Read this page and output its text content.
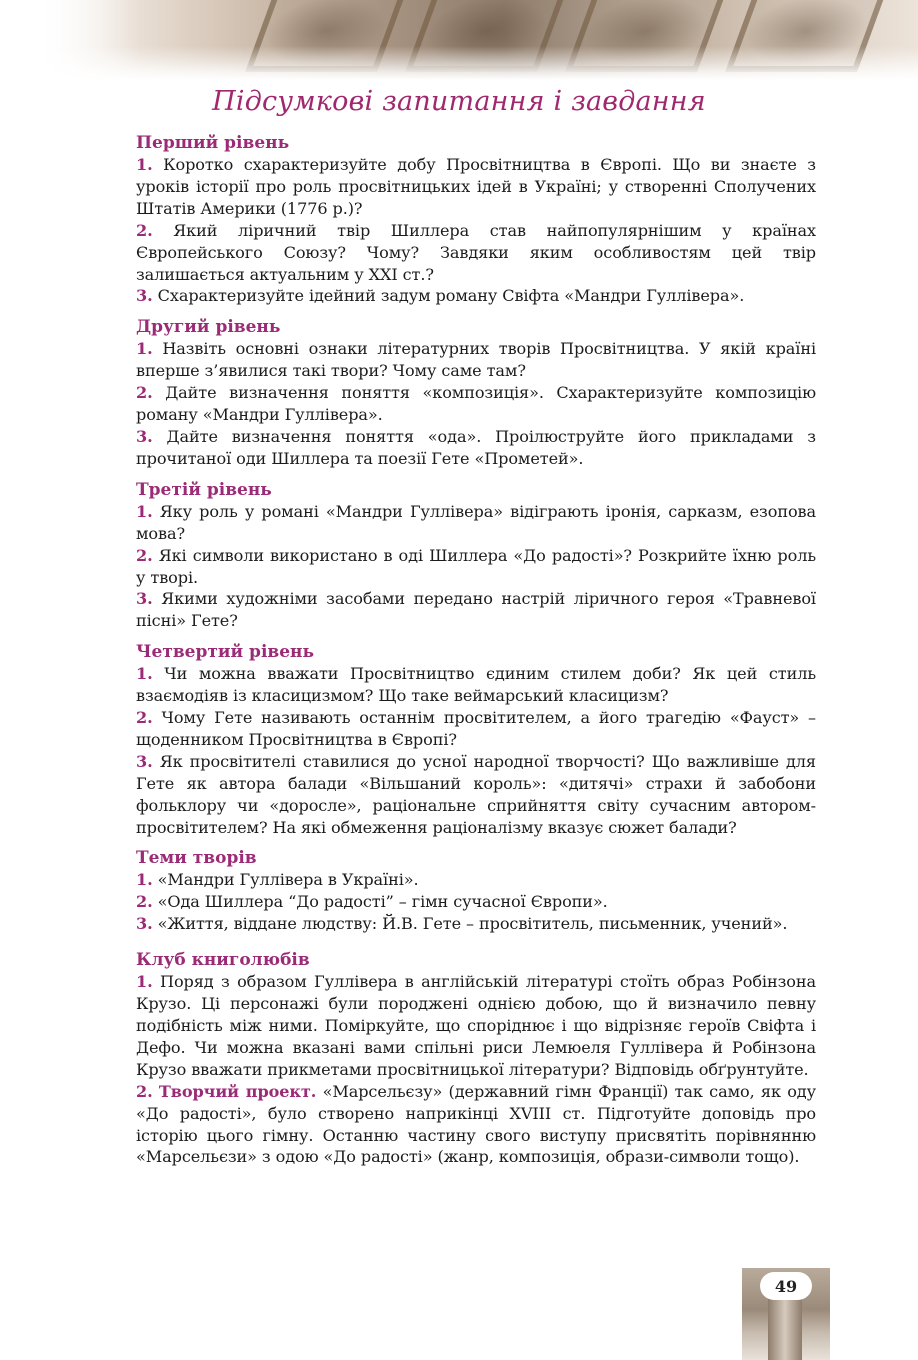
Підсумкові запитання і завдання

Перший рівень

1. Коротко схарактеризуйте добу Просвітництва в Європі. Що ви знаєте з уроків історії про роль просвітницьких ідей в Україні; у створенні Сполучених Штатів Америки (1776 р.)?

2. Який ліричний твір Шиллера став найпопулярнішим у країнах Європейського Союзу? Чому? Завдяки яким особливостям цей твір залишається актуальним у XXI ст.?

3. Схарактеризуйте ідейний задум роману Свіфта «Мандри Гуллівера».

Другий рівень

1. Назвіть основні ознаки літературних творів Просвітництва. У якій країні вперше з’явилися такі твори? Чому саме там?

2. Дайте визначення поняття «композиція». Схарактеризуйте композицію роману «Мандри Гуллівера».

3. Дайте визначення поняття «ода». Проілюструйте його прикладами з прочитаної оди Шиллера та поезії Гете «Прометей».

Третій рівень

1. Яку роль у романі «Мандри Гуллівера» відіграють іронія, сарказм, езопова мова?

2. Які символи використано в оді Шиллера «До радості»? Розкрийте їхню роль у творі.

3. Якими художніми засобами передано настрій ліричного героя «Травневої пісні» Гете?

Четвертий рівень

1. Чи можна вважати Просвітництво єдиним стилем доби? Як цей стиль взаємодіяв із класицизмом? Що таке веймарський класицизм?

2. Чому Гете називають останнім просвітителем, а його трагедію «Фауст» – щоденником Просвітництва в Європі?

3. Як просвітителі ставилися до усної народної творчості? Що важливіше для Гете як автора балади «Вільшаний король»: «дитячі» страхи й забобони фольклору чи «доросле», раціональне сприйняття світу сучасним автором-просвітителем? На які обмеження раціоналізму вказує сюжет балади?

Теми творів

1. «Мандри Гуллівера в Україні».

2. «Ода Шиллера “До радості” – гімн сучасної Європи».

3. «Життя, віддане людству: Й.В. Гете – просвітитель, письменник, учений».

Клуб книголюбів

1. Поряд з образом Гуллівера в англійській літературі стоїть образ Робінзона Крузо. Ці персонажі були породжені однією добою, що й визначило певну подібність між ними. Поміркуйте, що споріднює і що відрізняє героїв Свіфта і Дефо. Чи можна вказані вами спільні риси Лемюеля Гуллівера й Робінзона Крузо вважати прикметами просвітницької літератури? Відповідь обґрунтуйте.

2. Творчий проект. «Марсельєзу» (державний гімн Франції) так само, як оду «До радості», було створено наприкінці XVIII ст. Підготуйте доповідь про історію цього гімну. Останню частину свого виступу присвятіть порівнянню «Марсельєзи» з одою «До радості» (жанр, композиція, образи-символи тощо).

49
